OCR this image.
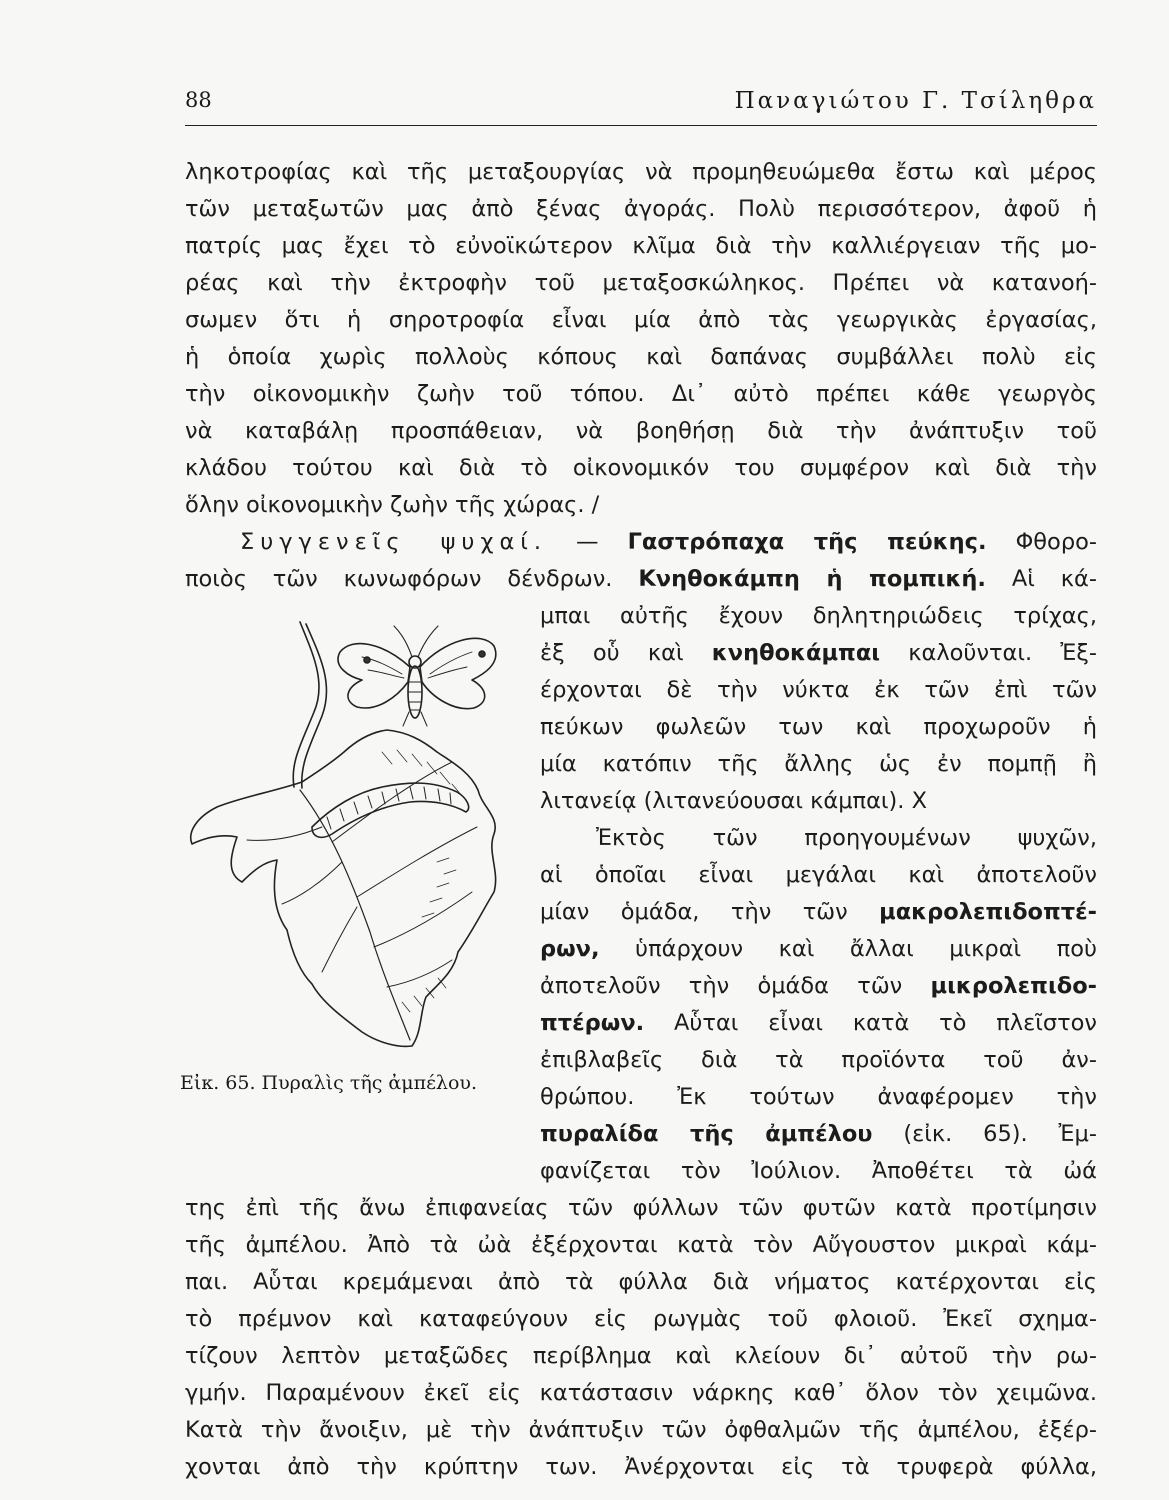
88	Παναγιώτου Γ. Τσίληθρα
ληκοτροφίας καὶ τῆς μεταξουργίας νὰ προμηθευώμεθα ἔστω καὶ μέρος
τῶν μεταξωτῶν μας ἀπὸ ξένας ἀγοράς. Πολὺ περισσότερον, ἀφοῦ ἡ
πατρίς μας ἔχει τὸ εὐνοϊκώτερον κλῖμα διὰ τὴν καλλιέργειαν τῆς μο-
ρέας καὶ τὴν ἐκτροφὴν τοῦ μεταξοσκώληκος. Πρέπει νὰ κατανοή-
σωμεν ὅτι ἡ σηροτροφία εἶναι μία ἀπὸ τὰς γεωργικὰς ἐργασίας,
ἡ ὁποία χωρὶς πολλοὺς κόπους καὶ δαπάνας συμβάλλει πολὺ εἰς
τὴν οἰκονομικὴν ζωὴν τοῦ τόπου. Δι᾽ αὐτὸ πρέπει κάθε γεωργὸς
νὰ καταβάλῃ προσπάθειαν, νὰ βοηθήσῃ διὰ τὴν ἀνάπτυξιν τοῦ
κλάδου τούτου καὶ διὰ τὸ οἰκονομικόν του συμφέρον καὶ διὰ τὴν
ὅλην οἰκονομικὴν ζωὴν τῆς χώρας. /
Συγγενεῖς ψυχαί. — Γαστρόπαχα τῆς πεύκης. Φθορο-
ποιὸς τῶν κωνωφόρων δένδρων. Κνηθοκάμπη ἡ πομπική. Αἱ κά-
μπαι αὐτῆς ἔχουν δηλητηριώδεις τρίχας,
ἐξ οὗ καὶ κνηθοκάμπαι καλοῦνται. Ἐξ-
έρχονται δὲ τὴν νύκτα ἐκ τῶν ἐπὶ τῶν
πεύκων φωλεῶν των καὶ προχωροῦν ἡ
μία κατόπιν τῆς ἄλλης ὡς ἐν πομπῇ ἢ
λιτανείᾳ (λιτανεύουσαι κάμπαι). X
Ἐκτὸς τῶν προηγουμένων ψυχῶν,
αἱ ὁποῖαι εἶναι μεγάλαι καὶ ἀποτελοῦν
μίαν ὁμάδα, τὴν τῶν μακρολεπιδοπτέ-
ρων, ὑπάρχουν καὶ ἄλλαι μικραὶ ποὺ
ἀποτελοῦν τὴν ὁμάδα τῶν μικρολεπιδο-
πτέρων. Αὗται εἶναι κατὰ τὸ πλεῖστον
ἐπιβλαβεῖς διὰ τὰ προϊόντα τοῦ ἀν-
θρώπου. Ἐκ τούτων ἀναφέρομεν τὴν
πυραλίδα τῆς ἀμπέλου (εἰκ. 65). Ἐμ-
φανίζεται τὸν Ἰούλιον. Ἀποθέτει τὰ ὠά
Εἰκ. 65. Πυραλὶς τῆς ἀμπέλου.
της ἐπὶ τῆς ἄνω ἐπιφανείας τῶν φύλλων τῶν φυτῶν κατὰ προτίμησιν
τῆς ἀμπέλου. Ἀπὸ τὰ ὠὰ ἐξέρχονται κατὰ τὸν Αὔγουστον μικραὶ κάμ-
παι. Αὗται κρεμάμεναι ἀπὸ τὰ φύλλα διὰ νήματος κατέρχονται εἰς
τὸ πρέμνον καὶ καταφεύγουν εἰς ρωγμὰς τοῦ φλοιοῦ. Ἐκεῖ σχημα-
τίζουν λεπτὸν μεταξῶδες περίβλημα καὶ κλείουν δι᾽ αὐτοῦ τὴν ρω-
γμήν. Παραμένουν ἐκεῖ εἰς κατάστασιν νάρκης καθ᾽ ὅλον τὸν χειμῶνα.
Κατὰ τὴν ἄνοιξιν, μὲ τὴν ἀνάπτυξιν τῶν ὀφθαλμῶν τῆς ἀμπέλου, ἐξέρ-
χονται ἀπὸ τὴν κρύπτην των. Ἀνέρχονται εἰς τὰ τρυφερὰ φύλλα,
